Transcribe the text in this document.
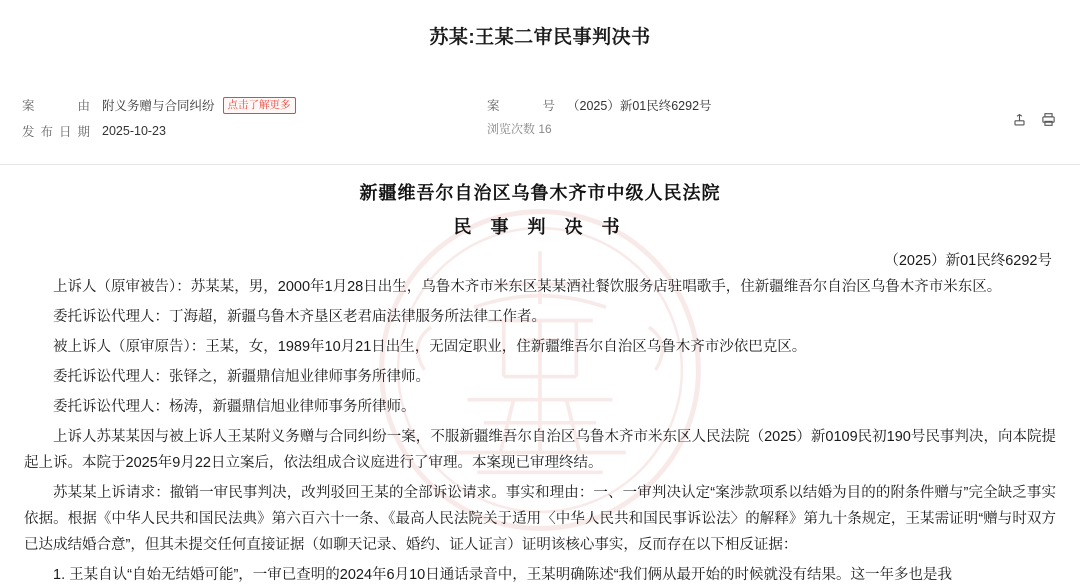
苏某:王某二审民事判决书
案　　由 附义务赠与合同纠纷	点击了解更多	案　　号 （2025）新01民终6292号
发布日期 2025-10-23	浏览次数 16
新疆维吾尔自治区乌鲁木齐市中级人民法院
民 事 判 决 书
（2025）新01民终6292号

上诉人（原审被告）：苏某某，男，2000年1月28日出生，乌鲁木齐市米东区某某酒社餐饮服务店驻唱歌手，住新疆维吾尔自治区乌鲁木齐市米东区。

委托诉讼代理人：丁海超，新疆乌鲁木齐垦区老君庙法律服务所法律工作者。

被上诉人（原审原告）：王某，女，1989年10月21日出生，无固定职业，住新疆维吾尔自治区乌鲁木齐市沙依巴克区。

委托诉讼代理人：张铎之，新疆鼎信旭业律师事务所律师。

委托诉讼代理人：杨涛，新疆鼎信旭业律师事务所律师。

上诉人苏某某因与被上诉人王某附义务赠与合同纠纷一案，不服新疆维吾尔自治区乌鲁木齐市米东区人民法院（2025）新0109民初190号民事判决，向本院提起上诉。本院于2025年9月22日立案后，依法组成合议庭进行了审理。本案现已审理终结。

苏某某上诉请求：撤销一审民事判决，改判驳回王某的全部诉讼请求。事实和理由：一、一审判决认定“案涉款项系以结婚为目的的附条件赠与”完全缺乏事实依据。根据《中华人民共和国民法典》第六百六十一条、《最高人民法院关于适用〈中华人民共和国民事诉讼法〉的解释》第九十条规定，王某需证明“赠与时双方已达成结婚合意”，但其未提交任何直接证据（如聊天记录、婚约、证人证言）证明该核心事实，反而存在以下相反证据：

1. 王某自认“自始无结婚可能”，一审已查明的2024年6月10日通话录音中，王某明确陈述“我们俩从最开始的时候就没有结果。这一年多也是我
